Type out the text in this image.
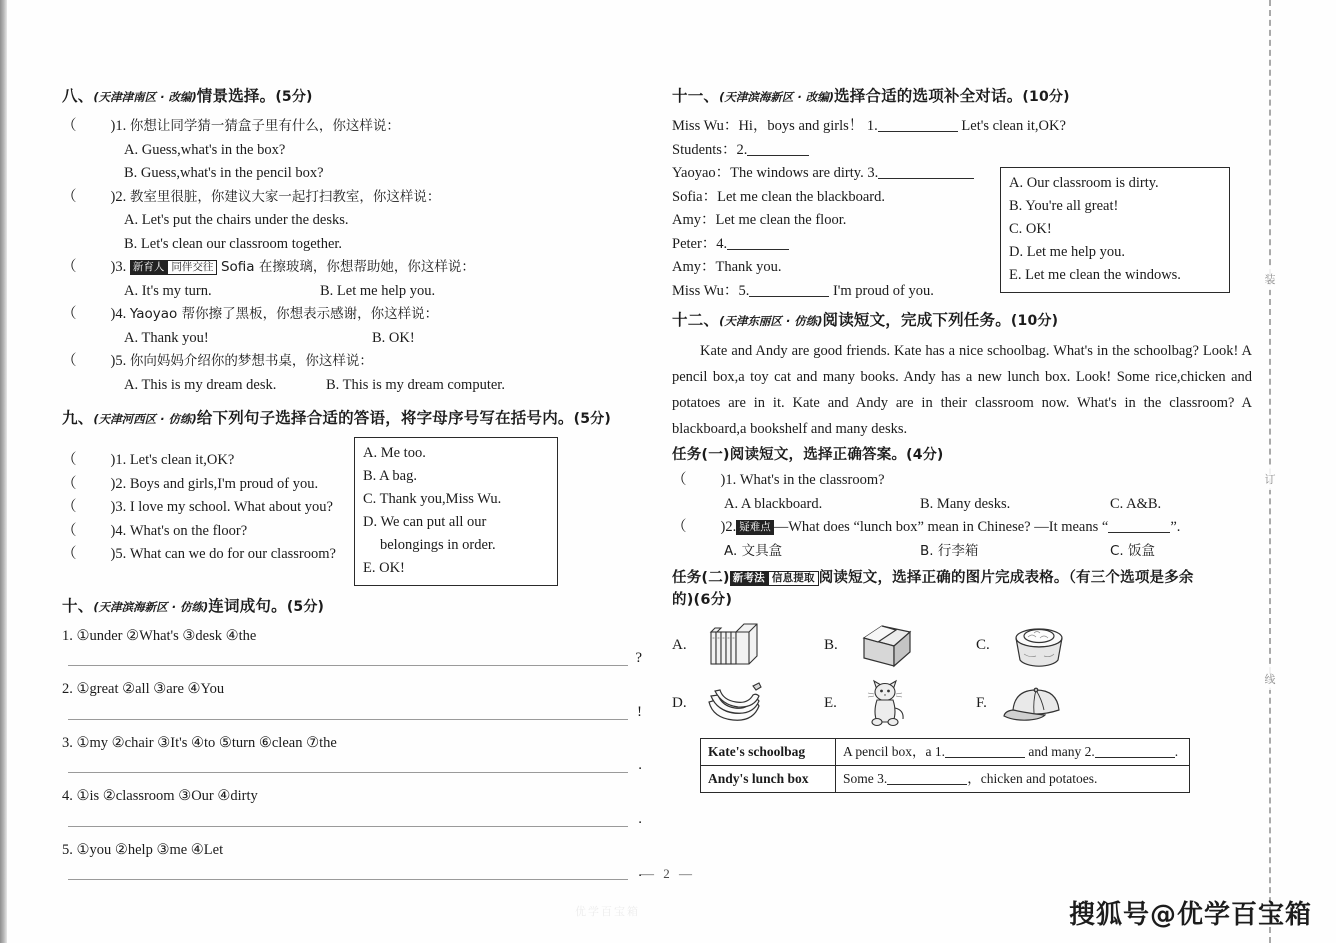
装
订
线
八、(天津津南区 · 改编)情景选择。(5分)
（ )1. 你想让同学猜一猜盒子里有什么，你这样说：
A. Guess,what's in the box?
B. Guess,what's in the pencil box?
（ )2. 教室里很脏，你建议大家一起打扫教室，你这样说：
A. Let's put the chairs under the desks.
B. Let's clean our classroom together.
（ )3. 新育人 同伴交往 Sofia 在擦玻璃，你想帮助她，你这样说：
A. It's my turn.	B. Let me help you.
（ )4. Yaoyao 帮你擦了黑板，你想表示感谢，你这样说：
A. Thank you!	B. OK!
（ )5. 你向妈妈介绍你的梦想书桌，你这样说：
A. This is my dream desk.	B. This is my dream computer.
九、(天津河西区 · 仿练)给下列句子选择合适的答语，将字母序号写在括号内。(5分)
（ )1. Let's clean it,OK?
（ )2. Boys and girls,I'm proud of you.
（ )3. I love my school. What about you?
（ )4. What's on the floor?
（ )5. What can we do for our classroom?
A. Me too.
B. A bag.
C. Thank you,Miss Wu.
D. We can put all our
belongings in order.
E. OK!
十、(天津滨海新区 · 仿练)连词成句。(5分)
1. ①under ②What's ③desk ④the
?
2. ①great ②all ③are ④You
!
3. ①my ②chair ③It's ④to ⑤turn ⑥clean ⑦the
.
4. ①is ②classroom ③Our ④dirty
.
5. ①you ②help ③me ④Let
.
十一、(天津滨海新区 · 改编)选择合适的选项补全对话。(10分)
Miss Wu：Hi，boys and girls！ 1.	Let's clean it,OK?
Students：2.
Yaoyao：The windows are dirty. 3.
Sofia：Let me clean the blackboard.
Amy：Let me clean the floor.
Peter：4.
Amy：Thank you.
Miss Wu：5.	I'm proud of you.
A. Our classroom is dirty.
B. You're all great!
C. OK!
D. Let me help you.
E. Let me clean the windows.
十二、(天津东丽区 · 仿练)阅读短文，完成下列任务。(10分)
Kate and Andy are good friends. Kate has a nice schoolbag. What's in the schoolbag? Look! A pencil box,a toy cat and many books. Andy has a new lunch box. Look! Some rice,chicken and potatoes are in it. Kate and Andy are in their classroom now. What's in the classroom? A blackboard,a bookshelf and many desks.
任务(一)阅读短文，选择正确答案。(4分)
（ )1. What's in the classroom?
A. A blackboard.	B. Many desks.	C. A&B.
（ )2. 疑难点 —What does “lunch box” mean in Chinese? —It means “	”.
A. 文具盒	B. 行李箱	C. 饭盒
任务(二) 新考法 信息提取 阅读短文，选择正确的图片完成表格。（有三个选项是多余
的)(6分)
A.	B.	C.
D.	E.	F.
Kate's schoolbag	A pencil box，a 1. and many 2. .
Andy's lunch box	Some 3. ，chicken and potatoes.
— 2 —
优学百宝箱	搜狐号@优学百宝箱
